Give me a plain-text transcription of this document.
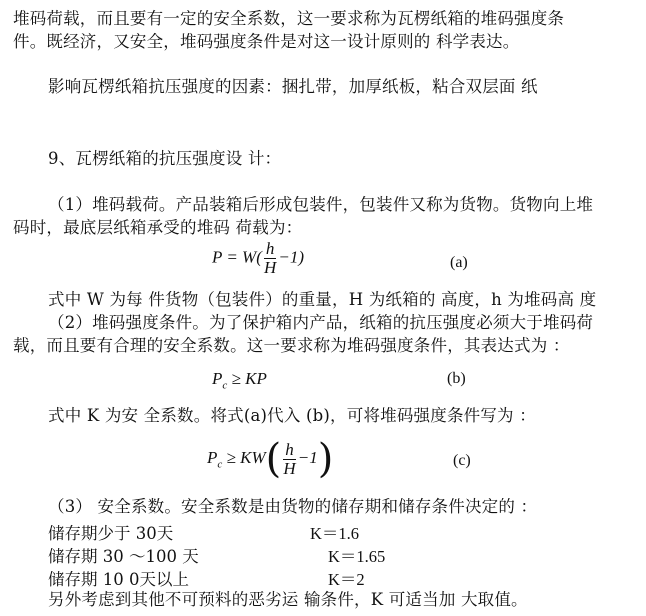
堆码荷载，而且要有一定的安全系数，这一要求称为瓦楞纸箱的堆码强度条
件。既经济，又安全，堆码强度条件是对这一设计原则的 科学表达。
影响瓦楞纸箱抗压强度的因素：捆扎带，加厚纸板，粘合双层面 纸
9、瓦楞纸箱的抗压强度设 计：
（1）堆码载荷。产品装箱后形成包装件，包装件又称为货物。货物向上堆
码时，最底层纸箱承受的堆码 荷载为：
$P = W( \frac{h}{H} -1)$	(a)
式中 W 为每 件货物（包装件）的重量，H 为纸箱的 高度，h 为堆码高 度
（2）堆码强度条件。为了保护箱内产品，纸箱的抗压强度必须大于堆码荷
载，而且要有合理的安全系数。这一要求称为堆码强度条件，其表达式为 ：
$P_c$ ≥ KP	(b)
式中 K 为安 全系数。将式(a)代入 (b)，可将堆码强度条件写为 ：
$P_c \ge KW( \frac{h}{H} -1)$	(c)
（3） 安全系数。安全系数是由货物的储存期和储存条件决定的 ：
储存期少于 30天	K＝1.6
储存期 30 ～100 天	K＝1.65
储存期 10 0天以上	K＝2
另外考虑到其他不可预料的恶劣运 输条件，K 可适当加 大取值。
